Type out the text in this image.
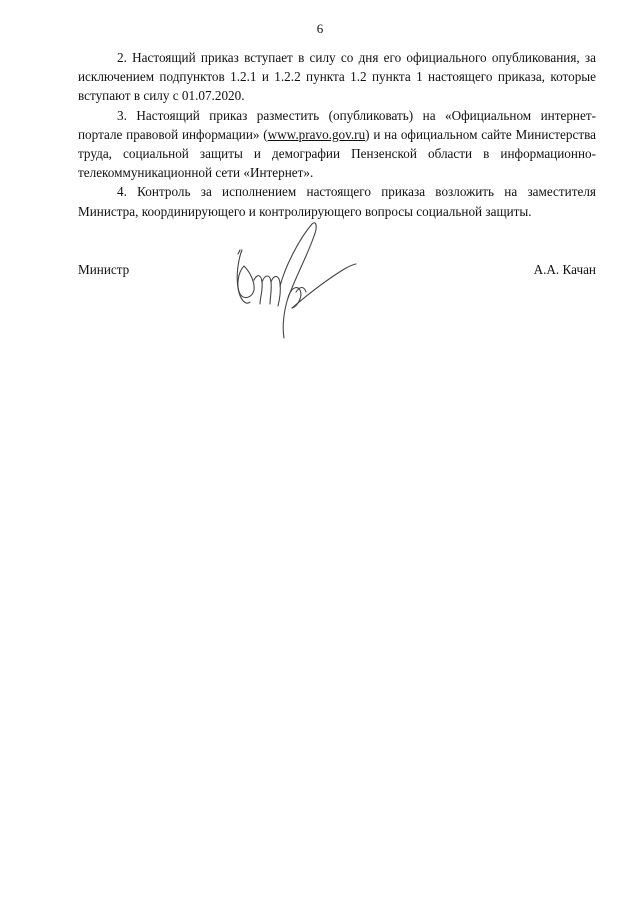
6

2. Настоящий приказ вступает в силу со дня его официального опубликования, за исключением подпунктов 1.2.1 и 1.2.2 пункта 1.2 пункта 1 настоящего приказа, которые вступают в силу с 01.07.2020.

3. Настоящий приказ разместить (опубликовать) на «Официальном интернет-портале правовой информации» (www.pravo.gov.ru) и на официальном сайте Министерства труда, социальной защиты и демографии Пензенской области в информационно-телекоммуникационной сети «Интернет».

4. Контроль за исполнением настоящего приказа возложить на заместителя Министра, координирующего и контролирующего вопросы социальной защиты.

Министр	А.А. Качан
